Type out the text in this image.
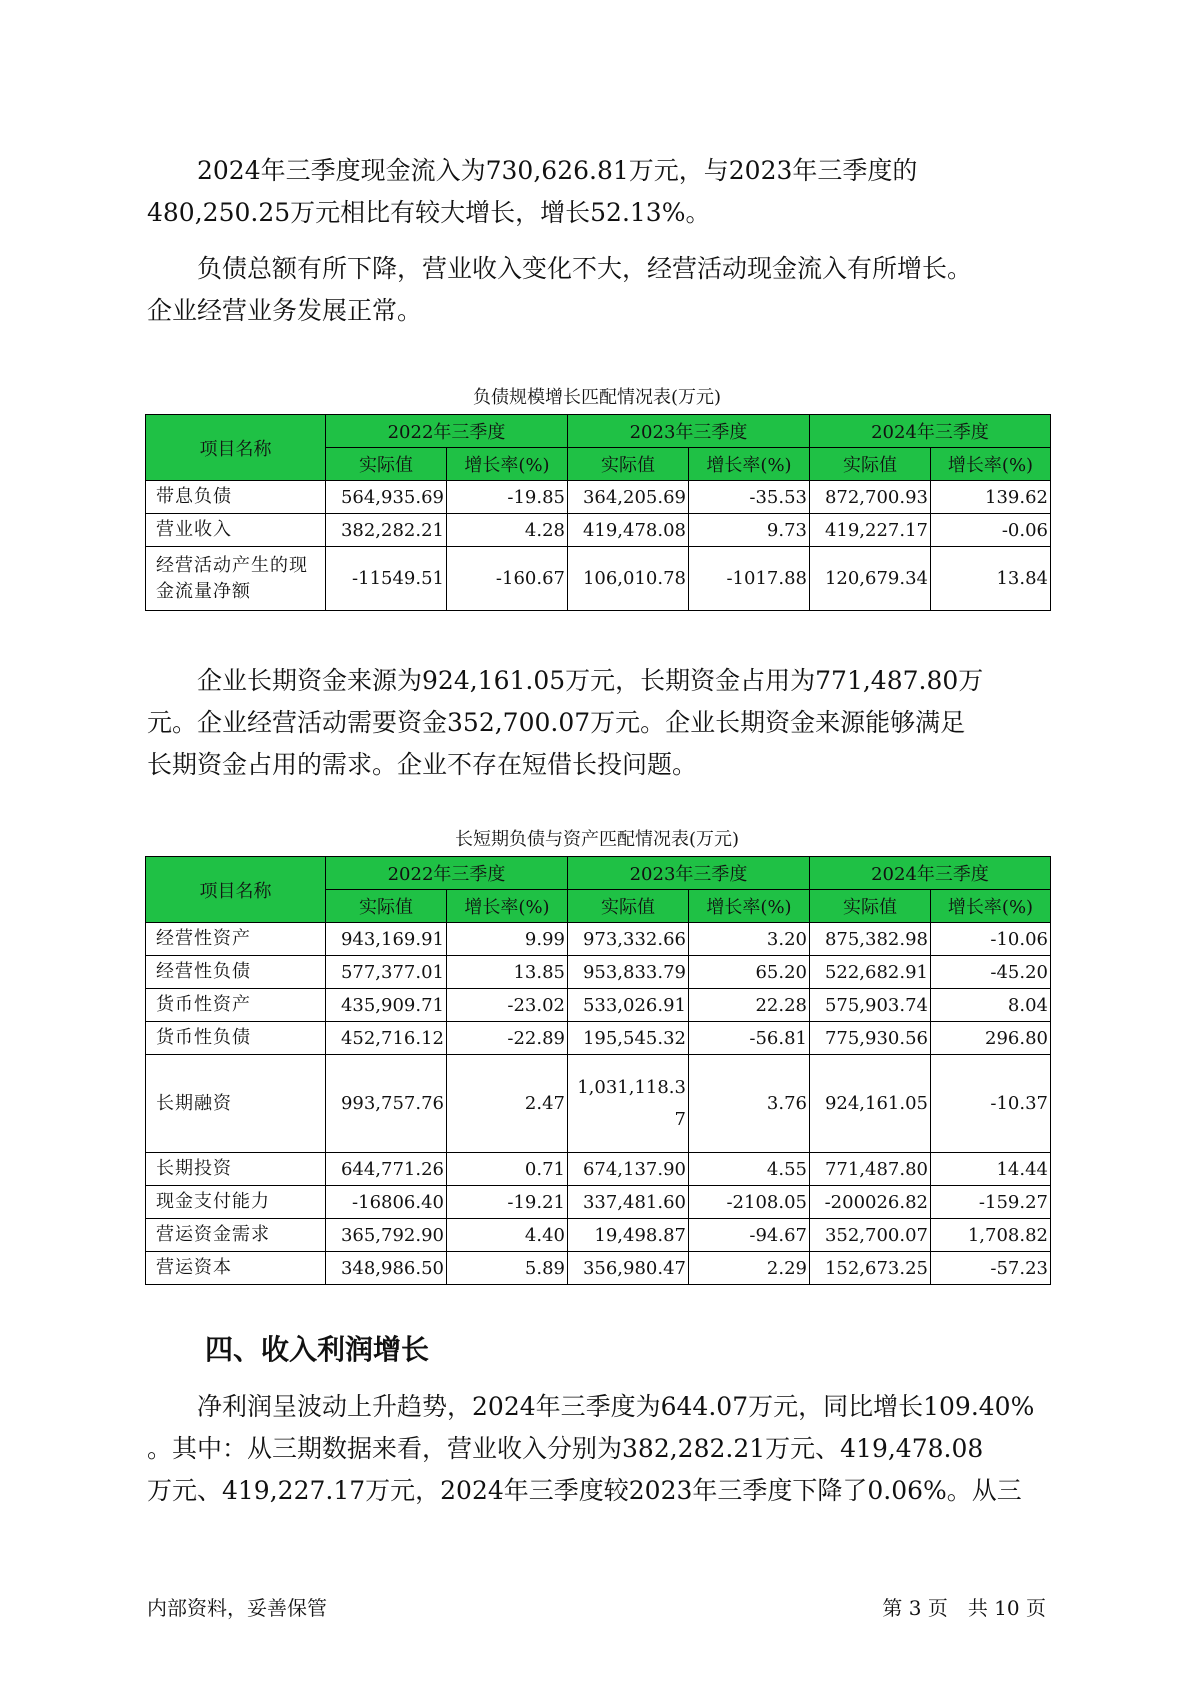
　　2024年三季度现金流入为730,626.81万元，与2023年三季度的
480,250.25万元相比有较大增长，增长52.13%。
　　负债总额有所下降，营业收入变化不大，经营活动现金流入有所增长。
企业经营业务发展正常。
负债规模增长匹配情况表(万元)
项目名称	2022年三季度		2023年三季度		2024年三季度	
	实际值	增长率(%)	实际值	增长率(%)	实际值	增长率(%)
带息负债	564,935.69	-19.85	364,205.69	-35.53	872,700.93	139.62
营业收入	382,282.21	4.28	419,478.08	9.73	419,227.17	-0.06
经营活动产生的现金流量净额	-11549.51	-160.67	106,010.78	-1017.88	120,679.34	13.84
　　企业长期资金来源为924,161.05万元，长期资金占用为771,487.80万
元。企业经营活动需要资金352,700.07万元。企业长期资金来源能够满足
长期资金占用的需求。企业不存在短借长投问题。
长短期负债与资产匹配情况表(万元)
项目名称	2022年三季度		2023年三季度		2024年三季度	
	实际值	增长率(%)	实际值	增长率(%)	实际值	增长率(%)
经营性资产	943,169.91	9.99	973,332.66	3.20	875,382.98	-10.06
经营性负债	577,377.01	13.85	953,833.79	65.20	522,682.91	-45.20
货币性资产	435,909.71	-23.02	533,026.91	22.28	575,903.74	8.04
货币性负债	452,716.12	-22.89	195,545.32	-56.81	775,930.56	296.80
长期融资	993,757.76	2.47	1,031,118.37	3.76	924,161.05	-10.37
长期投资	644,771.26	0.71	674,137.90	4.55	771,487.80	14.44
现金支付能力	-16806.40	-19.21	337,481.60	-2108.05	-200026.82	-159.27
营运资金需求	365,792.90	4.40	19,498.87	-94.67	352,700.07	1,708.82
营运资本	348,986.50	5.89	356,980.47	2.29	152,673.25	-57.23
四、收入利润增长
　　净利润呈波动上升趋势，2024年三季度为644.07万元，同比增长109.40%
。其中：从三期数据来看，营业收入分别为382,282.21万元、419,478.08
万元、419,227.17万元，2024年三季度较2023年三季度下降了0.06%。从三
内部资料，妥善保管	第 3 页　共 10 页
